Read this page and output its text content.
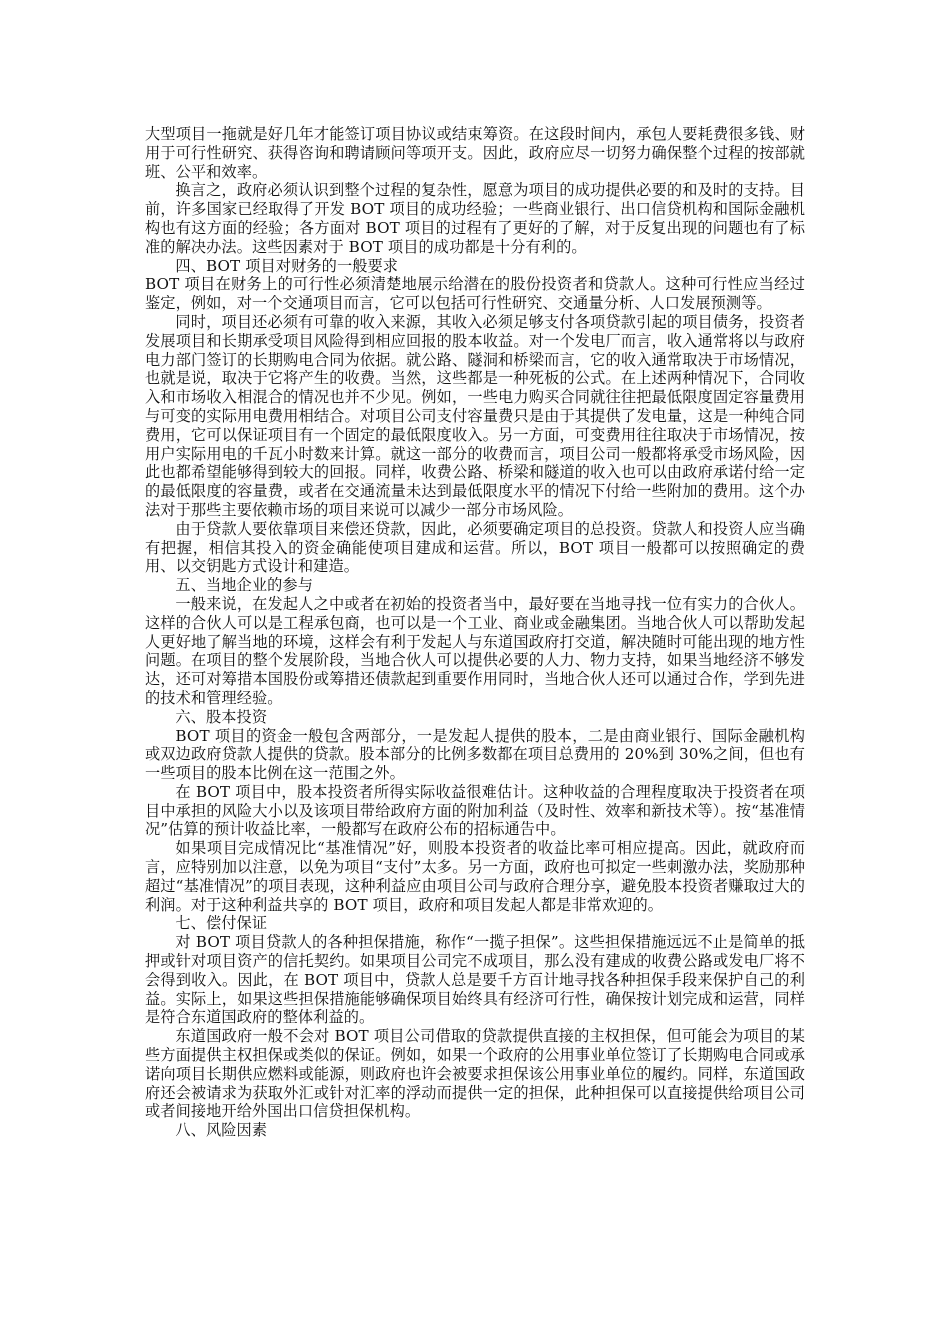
大型项目一拖就是好几年才能签订项目协议或结束筹资。在这段时间内，承包人要耗费很多钱、财用于可行性研究、获得咨询和聘请顾问等项开支。因此，政府应尽一切努力确保整个过程的按部就班、公平和效率。

换言之，政府必须认识到整个过程的复杂性，愿意为项目的成功提供必要的和及时的支持。目前，许多国家已经取得了开发 BOT 项目的成功经验；一些商业银行、出口信贷机构和国际金融机构也有这方面的经验；各方面对 BOT 项目的过程有了更好的了解，对于反复出现的问题也有了标准的解决办法。这些因素对于 BOT 项目的成功都是十分有利的。

四、BOT 项目对财务的一般要求

BOT 项目在财务上的可行性必须清楚地展示给潜在的股份投资者和贷款人。这种可行性应当经过鉴定，例如，对一个交通项目而言，它可以包括可行性研究、交通量分析、人口发展预测等。

同时，项目还必须有可靠的收入来源，其收入必须足够支付各项贷款引起的项目债务，投资者发展项目和长期承受项目风险得到相应回报的股本收益。对一个发电厂而言，收入通常将以与政府电力部门签订的长期购电合同为依据。就公路、隧洞和桥梁而言，它的收入通常取决于市场情况，也就是说，取决于它将产生的收费。当然，这些都是一种死板的公式。在上述两种情况下，合同收入和市场收入相混合的情况也并不少见。例如，一些电力购买合同就往往把最低限度固定容量费用与可变的实际用电费用相结合。对项目公司支付容量费只是由于其提供了发电量，这是一种纯合同费用，它可以保证项目有一个固定的最低限度收入。另一方面，可变费用往往取决于市场情况，按用户实际用电的千瓦小时数来计算。就这一部分的收费而言，项目公司一般都将承受市场风险，因此也都希望能够得到较大的回报。同样，收费公路、桥梁和隧道的收入也可以由政府承诺付给一定的最低限度的容量费，或者在交通流量未达到最低限度水平的情况下付给一些附加的费用。这个办法对于那些主要依赖市场的项目来说可以减少一部分市场风险。

由于贷款人要依靠项目来偿还贷款，因此，必须要确定项目的总投资。贷款人和投资人应当确有把握，相信其投入的资金确能使项目建成和运营。所以，BOT 项目一般都可以按照确定的费用、以交钥匙方式设计和建造。

五、当地企业的参与

一般来说，在发起人之中或者在初始的投资者当中，最好要在当地寻找一位有实力的合伙人。这样的合伙人可以是工程承包商，也可以是一个工业、商业或金融集团。当地合伙人可以帮助发起人更好地了解当地的环境，这样会有利于发起人与东道国政府打交道，解决随时可能出现的地方性问题。在项目的整个发展阶段，当地合伙人可以提供必要的人力、物力支持，如果当地经济不够发达，还可对筹措本国股份或筹措还债款起到重要作用同时，当地合伙人还可以通过合作，学到先进的技术和管理经验。

六、股本投资

BOT 项目的资金一般包含两部分，一是发起人提供的股本，二是由商业银行、国际金融机构或双边政府贷款人提供的贷款。股本部分的比例多数都在项目总费用的 20%到 30%之间，但也有一些项目的股本比例在这一范围之外。

在 BOT 项目中，股本投资者所得实际收益很难估计。这种收益的合理程度取决于投资者在项目中承担的风险大小以及该项目带给政府方面的附加利益（及时性、效率和新技术等）。按“基准情况”估算的预计收益比率，一般都写在政府公布的招标通告中。

如果项目完成情况比“基准情况”好，则股本投资者的收益比率可相应提高。因此，就政府而言，应特别加以注意，以免为项目“支付”太多。另一方面，政府也可拟定一些刺激办法，奖励那种超过“基准情况”的项目表现，这种利益应由项目公司与政府合理分享，避免股本投资者赚取过大的利润。对于这种利益共享的 BOT 项目，政府和项目发起人都是非常欢迎的。

七、偿付保证

对 BOT 项目贷款人的各种担保措施，称作“一揽子担保”。这些担保措施远远不止是简单的抵押或针对项目资产的信托契约。如果项目公司完不成项目，那么没有建成的收费公路或发电厂将不会得到收入。因此，在 BOT 项目中，贷款人总是要千方百计地寻找各种担保手段来保护自己的利益。实际上，如果这些担保措施能够确保项目始终具有经济可行性，确保按计划完成和运营，同样是符合东道国政府的整体利益的。

东道国政府一般不会对 BOT 项目公司借取的贷款提供直接的主权担保，但可能会为项目的某些方面提供主权担保或类似的保证。例如，如果一个政府的公用事业单位签订了长期购电合同或承诺向项目长期供应燃料或能源，则政府也许会被要求担保该公用事业单位的履约。同样，东道国政府还会被请求为获取外汇或针对汇率的浮动而提供一定的担保，此种担保可以直接提供给项目公司或者间接地开给外国出口信贷担保机构。

八、风险因素
